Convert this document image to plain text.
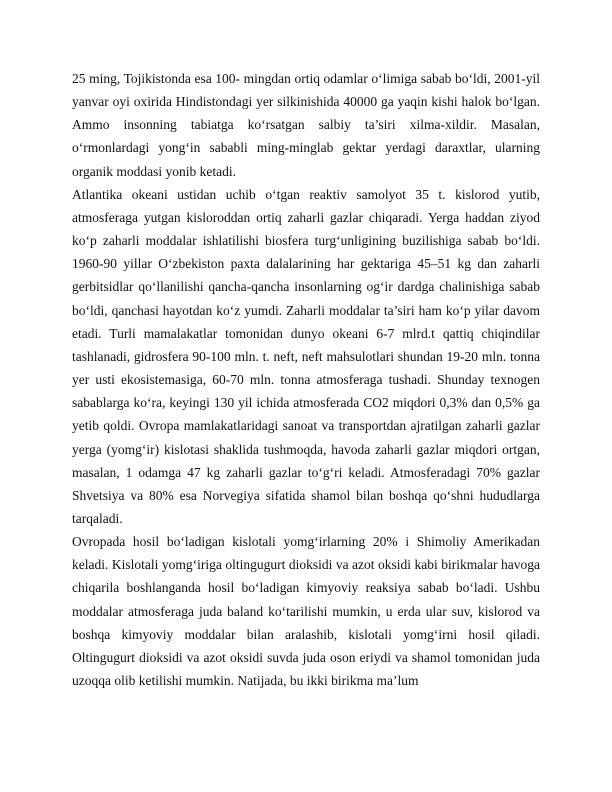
25 ming, Tojikistonda esa 100- mingdan ortiq odamlar o‘limiga sabab bo‘ldi, 2001-yil yanvar oyi oxirida Hindistondagi yer silkinishida 40000 ga yaqin kishi halok bo‘lgan. Ammo insonning tabiatga ko‘rsatgan salbiy ta’siri xilma-xildir. Masalan, o‘rmonlardagi yong‘in sababli ming-minglab gektar yerdagi daraxtlar, ularning organik moddasi yonib ketadi.

Atlantika okeani ustidan uchib o‘tgan reaktiv samolyot 35 t. kislorod yutib, atmosferaga yutgan kisloroddan ortiq zaharli gazlar chiqaradi. Yerga haddan ziyod ko‘p zaharli moddalar ishlatilishi biosfera turg‘unligining buzilishiga sabab bo‘ldi. 1960-90 yillar O‘zbekiston paxta dalalarining har gektariga 45–51 kg dan zaharli gerbitsidlar qo‘llanilishi qancha-qancha insonlarning og‘ir dardga chalinishiga sabab bo‘ldi, qanchasi hayotdan ko‘z yumdi. Zaharli moddalar ta’siri ham ko‘p yilar davom etadi. Turli mamalakatlar tomonidan dunyo okeani 6-7 mlrd.t qattiq chiqindilar tashlanadi, gidrosfera 90-100 mln. t. neft, neft mahsulotlari shundan 19-20 mln. tonna yer usti ekosistemasiga, 60-70 mln. tonna atmosferaga tushadi. Shunday texnogen sabablarga ko‘ra, keyingi 130 yil ichida atmosferada CO2 miqdori 0,3% dan 0,5% ga yetib qoldi. Ovropa mamlakatlaridagi sanoat va transportdan ajratilgan zaharli gazlar yerga (yomg‘ir) kislotasi shaklida tushmoqda, havoda zaharli gazlar miqdori ortgan, masalan, 1 odamga 47 kg zaharli gazlar to‘g‘ri keladi. Atmosferadagi 70% gazlar Shvetsiya va 80% esa Norvegiya sifatida shamol bilan boshqa qo‘shni hududlarga tarqaladi.

Ovropada hosil bo‘ladigan kislotali yomg‘irlarning 20% i Shimoliy Amerikadan keladi. Kislotali yomg‘iriga oltingugurt dioksidi va azot oksidi kabi birikmalar havoga chiqarila boshlanganda hosil bo‘ladigan kimyoviy reaksiya sabab bo‘ladi. Ushbu moddalar atmosferaga juda baland ko‘tarilishi mumkin, u erda ular suv, kislorod va boshqa kimyoviy moddalar bilan aralashib, kislotali yomg‘irni hosil qiladi. Oltingugurt dioksidi va azot oksidi suvda juda oson eriydi va shamol tomonidan juda uzoqqa olib ketilishi mumkin. Natijada, bu ikki birikma ma’lum
